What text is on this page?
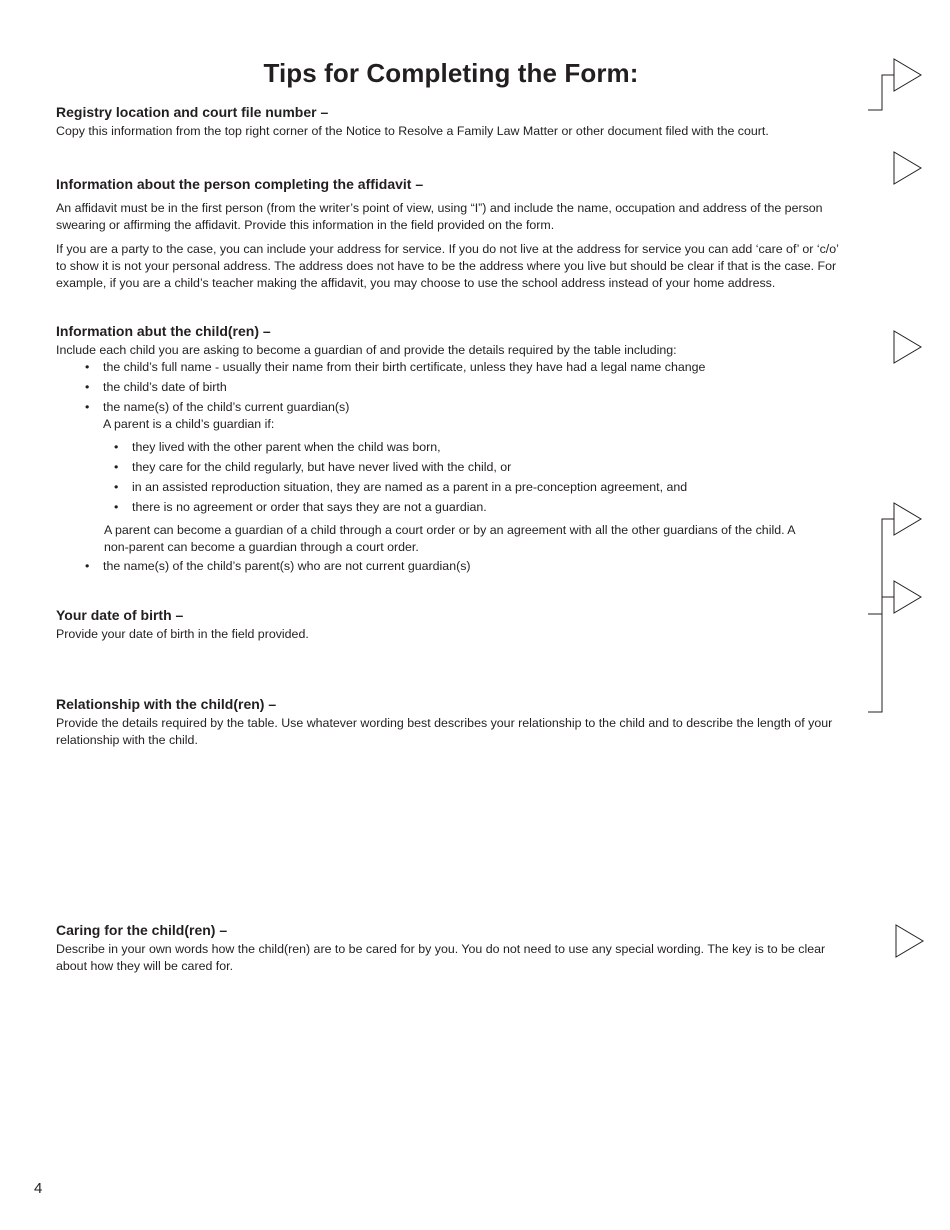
Tips for Completing the Form:
Registry location and court file number –
Copy this information from the top right corner of the Notice to Resolve a Family Law Matter or other document filed with the court.
Information about the person completing the affidavit –
An affidavit must be in the first person (from the writer’s point of view, using “I”) and include the name, occupation and address of the person swearing or affirming the affidavit. Provide this information in the field provided on the form.
If you are a party to the case, you can include your address for service. If you do not live at the address for service you can add ‘care of’ or ‘c/o’ to show it is not your personal address. The address does not have to be the address where you live but should be clear if that is the case. For example, if you are a child’s teacher making the affidavit, you may choose to use the school address instead of your home address.
Information abut the child(ren) –
Include each child you are asking to become a guardian of and provide the details required by the table including:
• the child’s full name - usually their name from their birth certificate, unless they have had a legal name change
• the child’s date of birth
• the name(s) of the child’s current guardian(s)
A parent is a child’s guardian if:
• they lived with the other parent when the child was born,
• they care for the child regularly, but have never lived with the child, or
• in an assisted reproduction situation, they are named as a parent in a pre-conception agreement, and
• there is no agreement or order that says they are not a guardian.
A parent can become a guardian of a child through a court order or by an agreement with all the other guardians of the child. A non-parent can become a guardian through a court order.
• the name(s) of the child’s parent(s) who are not current guardian(s)
Your date of birth –
Provide your date of birth in the field provided.
Relationship with the child(ren) –
Provide the details required by the table. Use whatever wording best describes your relationship to the child and to describe the length of your relationship with the child.
Caring for the child(ren) –
Describe in your own words how the child(ren) are to be cared for by you. You do not need to use any special wording. The key is to be clear about how they will be cared for.
4
